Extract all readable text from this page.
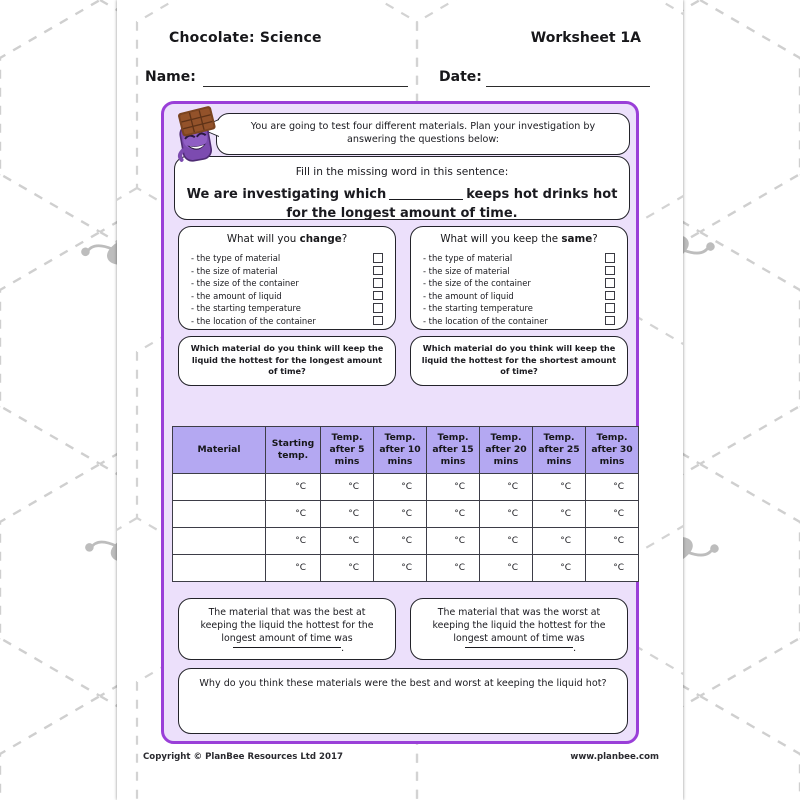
Chocolate: Science	Worksheet 1A
Name:	Date:
You are going to test four different materials. Plan your investigation by answering the questions below:
Fill in the missing word in this sentence:
We are investigating which	keeps hot drinks hot for the longest amount of time.
What will you change?
- the type of material
- the size of material
- the size of the container
- the amount of liquid
- the starting temperature
- the location of the container
What will you keep the same?
- the type of material
- the size of material
- the size of the container
- the amount of liquid
- the starting temperature
- the location of the container
Which material do you think will keep the liquid the hottest for the longest amount of time?
Which material do you think will keep the liquid the hottest for the shortest amount of time?
Material	Starting temp.	Temp. after 5 mins	Temp. after 10 mins	Temp. after 15 mins	Temp. after 20 mins	Temp. after 25 mins	Temp. after 30 mins
	°C	°C	°C	°C	°C	°C	°C
	°C	°C	°C	°C	°C	°C	°C
	°C	°C	°C	°C	°C	°C	°C
	°C	°C	°C	°C	°C	°C	°C
The material that was the best at keeping the liquid the hottest for the longest amount of time was
.
The material that was the worst at keeping the liquid the hottest for the longest amount of time was
.
Why do you think these materials were the best and worst at keeping the liquid hot?
Copyright © PlanBee Resources Ltd 2017	www.planbee.com
